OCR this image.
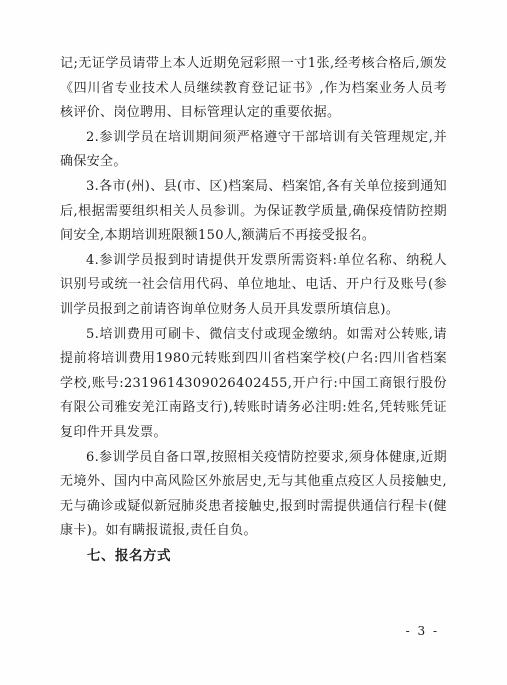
记;无证学员请带上本人近期免冠彩照一寸1张,经考核合格后,颁发《四川省专业技术人员继续教育登记证书》,作为档案业务人员考核评价、岗位聘用、目标管理认定的重要依据。

2.参训学员在培训期间须严格遵守干部培训有关管理规定,并确保安全。

3.各市(州)、县(市、区)档案局、档案馆,各有关单位接到通知后,根据需要组织相关人员参训。为保证教学质量,确保疫情防控期间安全,本期培训班限额150人,额满后不再接受报名。

4.参训学员报到时请提供开发票所需资料:单位名称、纳税人识别号或统一社会信用代码、单位地址、电话、开户行及账号(参训学员报到之前请咨询单位财务人员开具发票所填信息)。

5.培训费用可刷卡、微信支付或现金缴纳。如需对公转账,请提前将培训费用1980元转账到四川省档案学校(户名:四川省档案学校,账号:2319614309026402455,开户行:中国工商银行股份有限公司雅安羌江南路支行),转账时请务必注明:姓名,凭转账凭证复印件开具发票。

6.参训学员自备口罩,按照相关疫情防控要求,须身体健康,近期无境外、国内中高风险区外旅居史,无与其他重点疫区人员接触史,无与确诊或疑似新冠肺炎患者接触史,报到时需提供通信行程卡(健康卡)。如有瞒报谎报,责任自负。

七、报名方式

- 3 -
